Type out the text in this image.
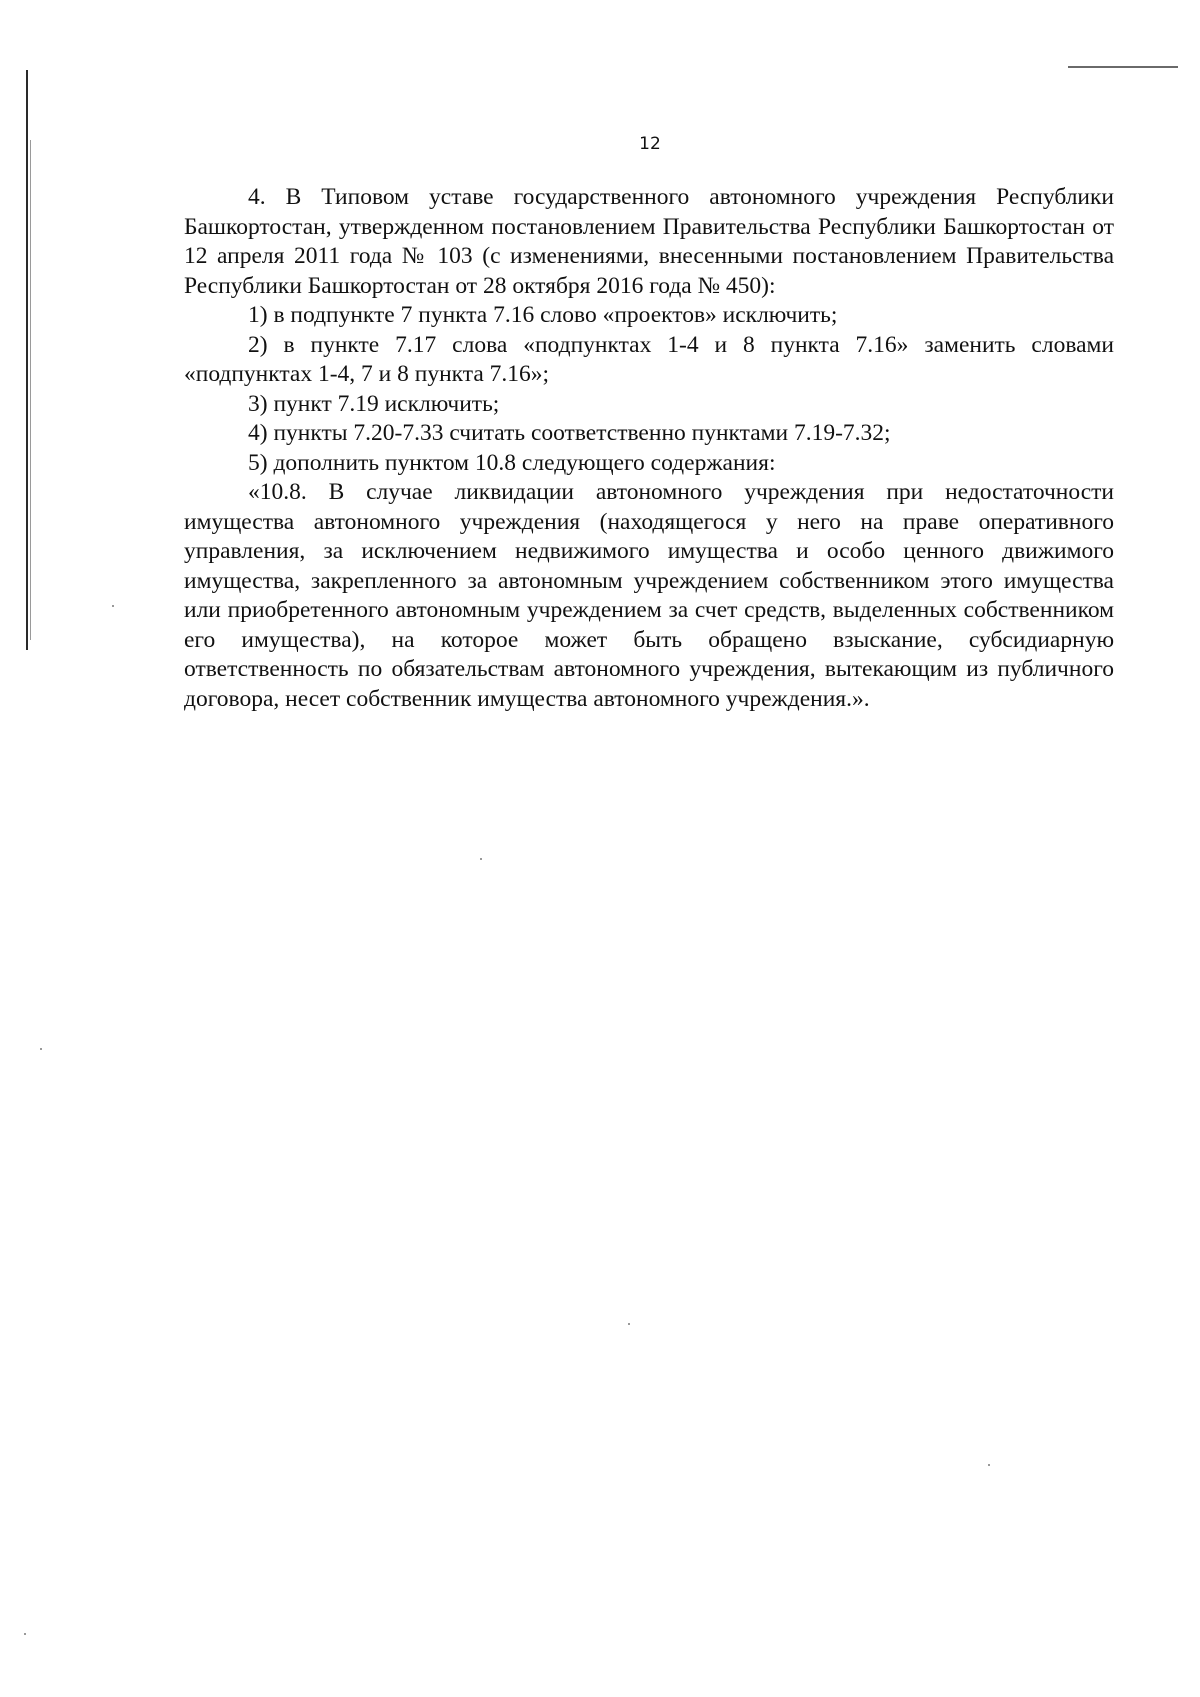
12

4. В Типовом уставе государственного автономного учреждения Республики Башкортостан, утвержденном постановлением Правительства Республики Башкортостан от 12 апреля 2011 года № 103 (с изменениями, внесенными постановлением Правительства Республики Башкортостан от 28 октября 2016 года № 450):

1) в подпункте 7 пункта 7.16 слово «проектов» исключить;

2) в пункте 7.17 слова «подпунктах 1-4 и 8 пункта 7.16» заменить словами «подпунктах 1-4, 7 и 8 пункта 7.16»;

3) пункт 7.19 исключить;

4) пункты 7.20-7.33 считать соответственно пунктами 7.19-7.32;

5) дополнить пунктом 10.8 следующего содержания:

«10.8. В случае ликвидации автономного учреждения при недостаточности имущества автономного учреждения (находящегося у него на праве оперативного управления, за исключением недвижимого имущества и особо ценного движимого имущества, закрепленного за автономным учреждением собственником этого имущества или приобретенного автономным учреждением за счет средств, выделенных собственником его имущества), на которое может быть обращено взыскание, субсидиарную ответственность по обязательствам автономного учреждения, вытекающим из публичного договора, несет собственник имущества автономного учреждения.».
